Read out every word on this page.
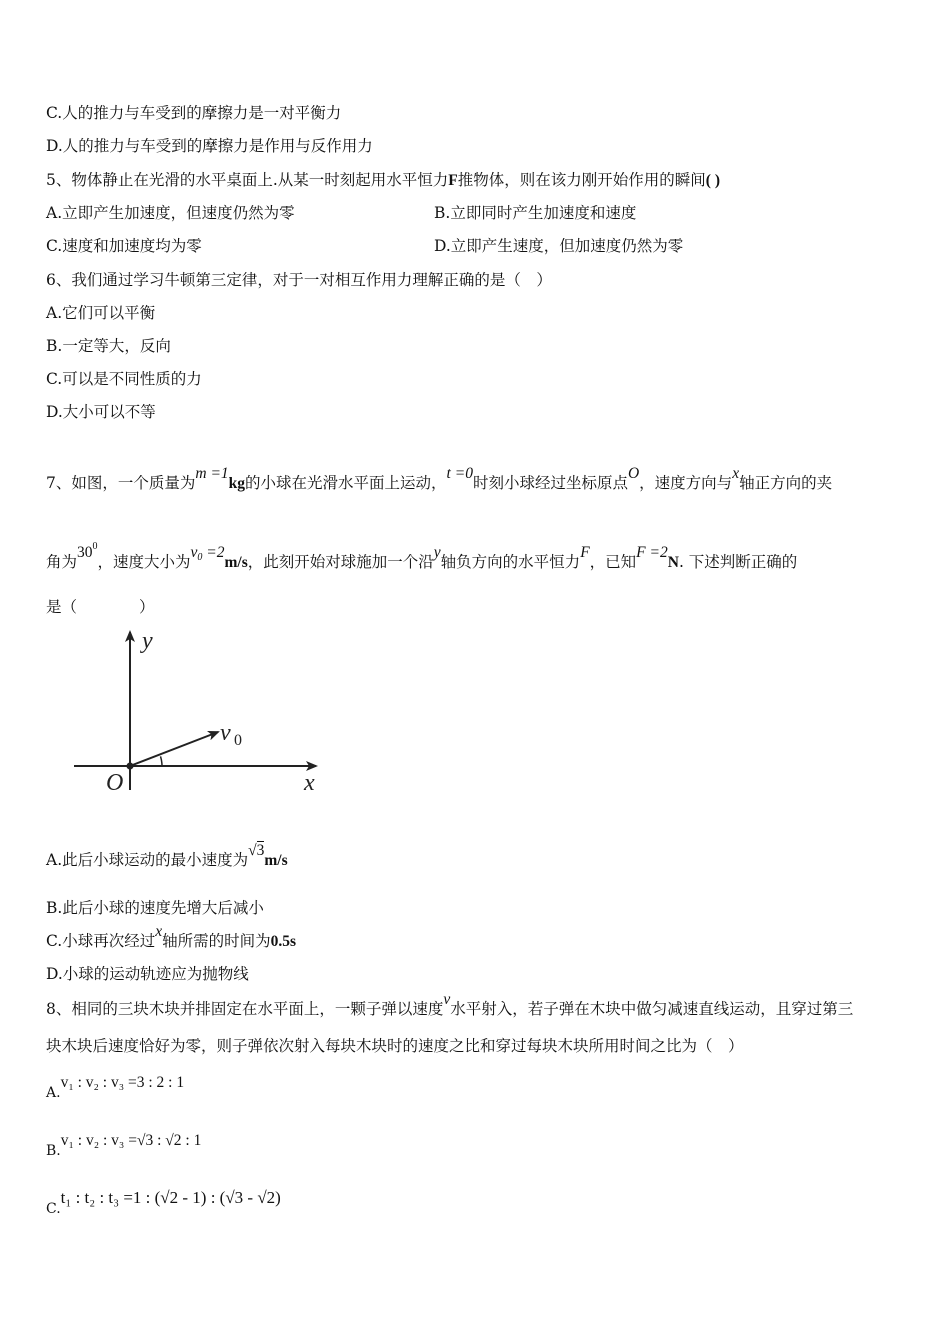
C.人的推力与车受到的摩擦力是一对平衡力
D.人的推力与车受到的摩擦力是作用与反作用力
5、物体静止在光滑的水平桌面上.从某一时刻起用水平恒力F推物体，则在该力刚开始作用的瞬间( )
A.立即产生加速度，但速度仍然为零	B.立即同时产生加速度和速度
C.速度和加速度均为零	D.立即产生速度，但加速度仍然为零
6、我们通过学习牛顿第三定律，对于一对相互作用力理解正确的是（　）
A.它们可以平衡
B.一定等大，反向
C.可以是不同性质的力
D.大小可以不等
7、如图，一个质量为m =1kg的小球在光滑水平面上运动，t =0时刻小球经过坐标原点O，速度方向与x轴正方向的夹
角为$30^0$，速度大小为$v_0 =2m/s$，此刻开始对球施加一个沿y轴负方向的水平恒力F，已知F =2N. 下述判断正确的
是（　　　　）
y
v 0
O	x
A.此后小球运动的最小速度为√3m/s
B.此后小球的速度先增大后减小
C.小球再次经过x轴所需的时间为0.5s
D.小球的运动轨迹应为抛物线
8、相同的三块木块并排固定在水平面上，一颗子弹以速度v水平射入，若子弹在木块中做匀减速直线运动，且穿过第三
块木块后速度恰好为零，则子弹依次射入每块木块时的速度之比和穿过每块木块所用时间之比为（　）
A.v₁ : v₂ : v₃ =3 : 2 : 1
B.v₁ : v₂ : v₃ =√3 : √2 : 1
C.t₁ : t₂ : t₃ =1 : (√2 - 1) : (√3 - √2)
